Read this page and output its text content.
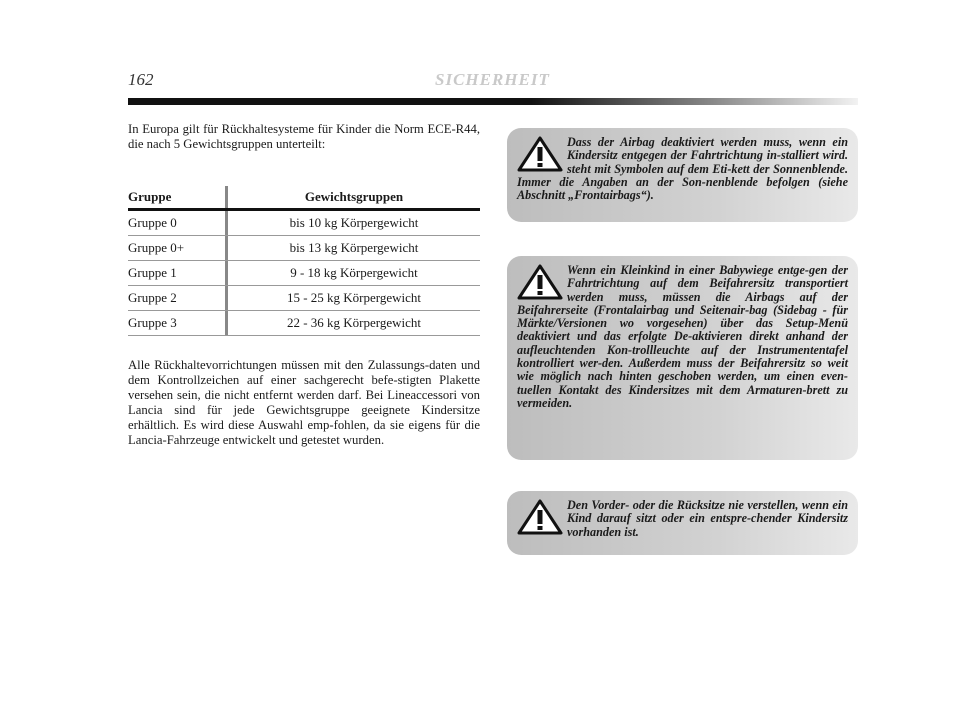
162	SICHERHEIT

In Europa gilt für Rückhaltesysteme für Kinder die Norm ECE-R44, die nach 5 Gewichtsgruppen unterteilt:

Gruppe	Gewichtsgruppen
Gruppe 0	bis 10 kg Körpergewicht
Gruppe 0+	bis 13 kg Körpergewicht
Gruppe 1	9 - 18 kg Körpergewicht
Gruppe 2	15 - 25 kg Körpergewicht
Gruppe 3	22 - 36 kg Körpergewicht

Alle Rückhaltevorrichtungen müssen mit den Zulassungs-daten und dem Kontrollzeichen auf einer sachgerecht befe-stigten Plakette versehen sein, die nicht entfernt werden darf. Bei Lineaccessori von Lancia sind für jede Gewichtsgruppe geeignete Kindersitze erhältlich. Es wird diese Auswahl emp-fohlen, da sie eigens für die Lancia-Fahrzeuge entwickelt und getestet wurden.

Dass der Airbag deaktiviert werden muss, wenn ein Kindersitz entgegen der Fahrtrichtung in-stalliert wird. steht mit Symbolen auf dem Eti-kett der Sonnenblende. Immer die Angaben an der Son-nenblende befolgen (siehe Abschnitt „Frontairbags“).

Wenn ein Kleinkind in einer Babywiege entge-gen der Fahrtrichtung auf dem Beifahrersitz transportiert werden muss, müssen die Airbags auf der Beifahrerseite (Frontalairbag und Seitenair-bag (Sidebag - für Märkte/Versionen wo vorgesehen) über das Setup-Menü deaktiviert und das erfolgte De-aktivieren direkt anhand der aufleuchtenden Kon-trollleuchte auf der Instrumententafel kontrolliert wer-den. Außerdem muss der Beifahrersitz so weit wie möglich nach hinten geschoben werden, um einen even-tuellen Kontakt des Kindersitzes mit dem Armaturen-brett zu vermeiden.

Den Vorder- oder die Rücksitze nie verstellen, wenn ein Kind darauf sitzt oder ein entspre-chender Kindersitz vorhanden ist.
